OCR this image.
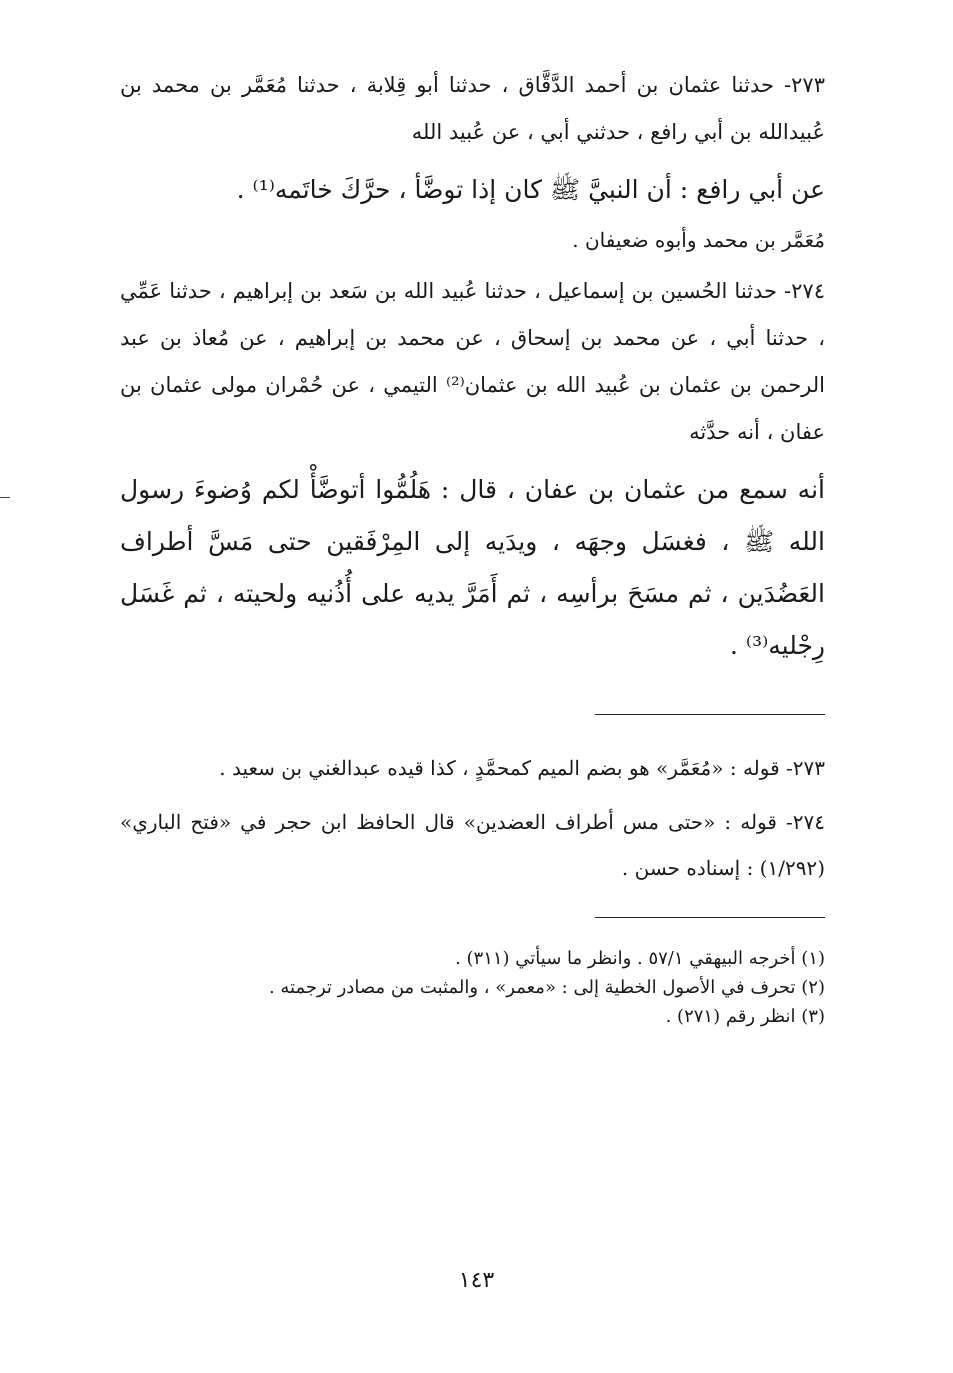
٢٧٣- حدثنا عثمان بن أحمد الدَّقَّاق ، حدثنا أبو قِلابة ، حدثنا مُعَمَّر بن محمد بن عُبيدالله بن أبي رافع ، حدثني أبي ، عن عُبيد الله

عن أبي رافع : أن النبيَّ ﷺ كان إذا توضَّأ ، حرَّكَ خاتَمه⁽¹⁾ .

مُعَمَّر بن محمد وأبوه ضعيفان .

٢٧٤- حدثنا الحُسين بن إسماعيل ، حدثنا عُبيد الله بن سَعد بن إبراهيم ، حدثنا عَمِّي ، حدثنا أبي ، عن محمد بن إسحاق ، عن محمد بن إبراهيم ، عن مُعاذ بن عبد الرحمن بن عثمان بن عُبيد الله بن عثمان⁽²⁾ التيمي ، عن حُمْران مولى عثمان بن عفان ، أنه حدَّثه

أنه سمع من عثمان بن عفان ، قال : هَلُمُّوا أتوضَّأْ لكم وُضوءَ رسول الله ﷺ ، فغسَل وجهَه ، ويدَيه إلى المِرْفَقين حتى مَسَّ أطراف العَضُدَين ، ثم مسَحَ برأسِه ، ثم أَمَرَّ يديه على أُذُنيه ولحيته ، ثم غَسَل رِجْليه⁽³⁾ .

٢٧٣- قوله : «مُعَمَّر» هو بضم الميم كمحمَّدٍ ، كذا قيده عبدالغني بن سعيد .

٢٧٤- قوله : «حتى مس أطراف العضدين» قال الحافظ ابن حجر في «فتح الباري» (١/٢٩٢) : إسناده حسن .

(١) أخرجه البيهقي ٥٧/١ . وانظر ما سيأتي (٣١١) .

(٢) تحرف في الأصول الخطية إلى : «معمر» ، والمثبت من مصادر ترجمته .

(٣) انظر رقم (٢٧١) .

١٤٣
